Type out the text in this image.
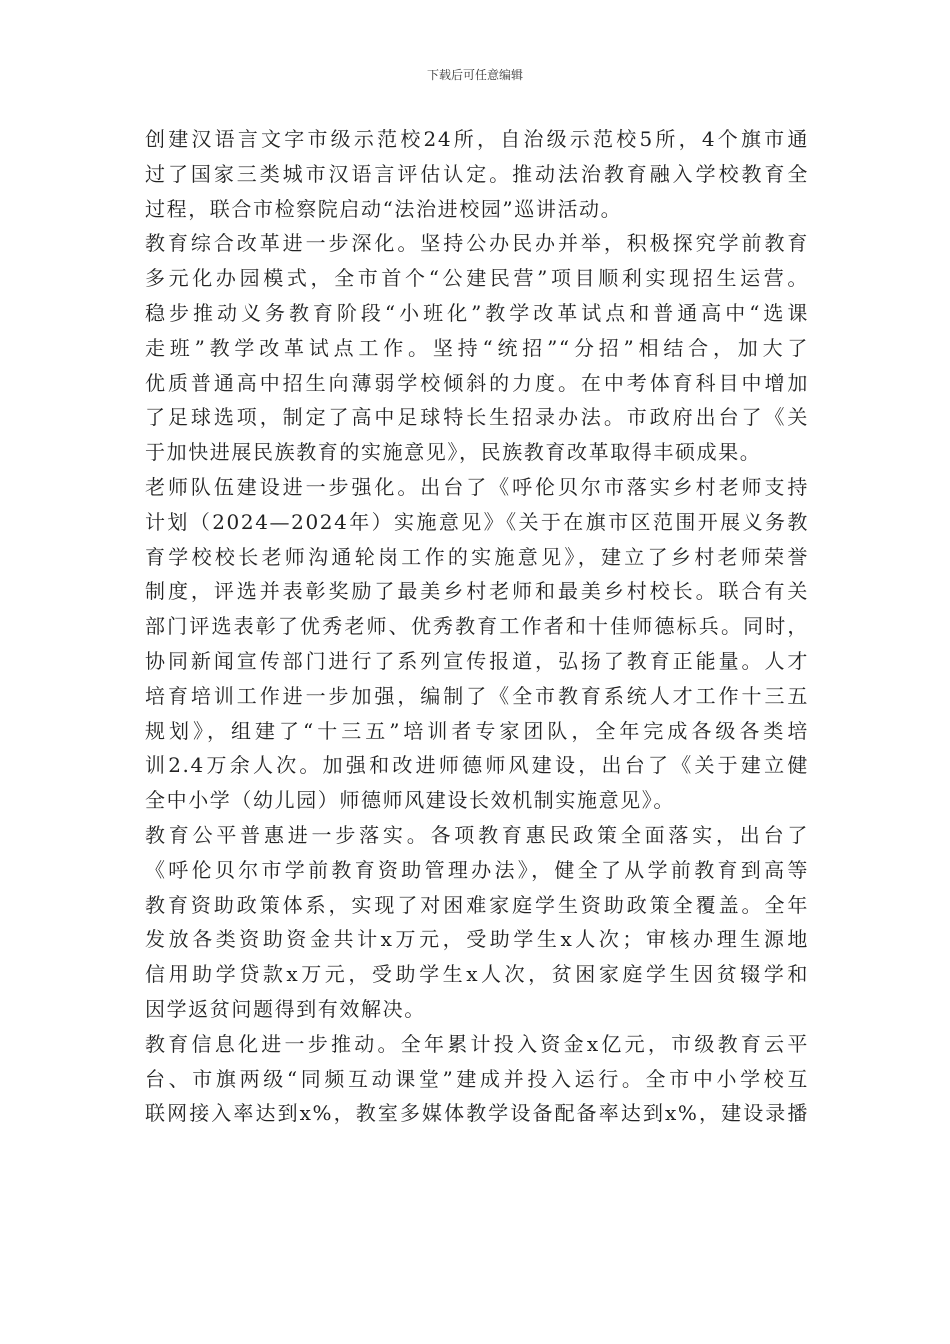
下载后可任意编辑
创建汉语言文字市级示范校24所，自治级示范校5所，4个旗市通
过了国家三类城市汉语言评估认定。推动法治教育融入学校教育全
过程，联合市检察院启动“法治进校园”巡讲活动。
教育综合改革进一步深化。坚持公办民办并举，积极探究学前教育
多元化办园模式，全市首个“公建民营”项目顺利实现招生运营。
稳步推动义务教育阶段“小班化”教学改革试点和普通高中“选课
走班”教学改革试点工作。坚持“统招”“分招”相结合，加大了
优质普通高中招生向薄弱学校倾斜的力度。在中考体育科目中增加
了足球选项，制定了高中足球特长生招录办法。市政府出台了《关
于加快进展民族教育的实施意见》，民族教育改革取得丰硕成果。
老师队伍建设进一步强化。出台了《呼伦贝尔市落实乡村老师支持
计划（2024—2024年）实施意见》《关于在旗市区范围开展义务教
育学校校长老师沟通轮岗工作的实施意见》，建立了乡村老师荣誉
制度，评选并表彰奖励了最美乡村老师和最美乡村校长。联合有关
部门评选表彰了优秀老师、优秀教育工作者和十佳师德标兵。同时，
协同新闻宣传部门进行了系列宣传报道，弘扬了教育正能量。人才
培育培训工作进一步加强，编制了《全市教育系统人才工作十三五
规划》，组建了“十三五”培训者专家团队，全年完成各级各类培
训2.4万余人次。加强和改进师德师风建设，出台了《关于建立健
全中小学（幼儿园）师德师风建设长效机制实施意见》。
教育公平普惠进一步落实。各项教育惠民政策全面落实，出台了
《呼伦贝尔市学前教育资助管理办法》，健全了从学前教育到高等
教育资助政策体系，实现了对困难家庭学生资助政策全覆盖。全年
发放各类资助资金共计x万元，受助学生x人次；审核办理生源地
信用助学贷款x万元，受助学生x人次，贫困家庭学生因贫辍学和
因学返贫问题得到有效解决。
教育信息化进一步推动。全年累计投入资金x亿元，市级教育云平
台、市旗两级“同频互动课堂”建成并投入运行。全市中小学校互
联网接入率达到x%，教室多媒体教学设备配备率达到x%，建设录播
